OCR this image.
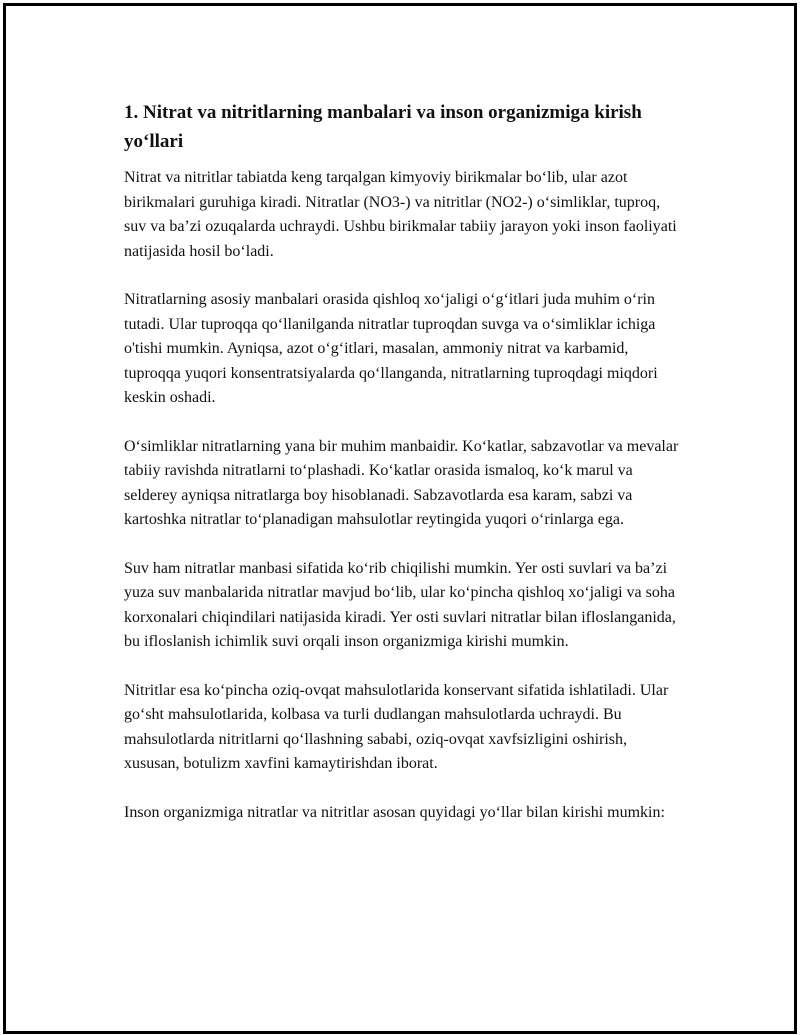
1. Nitrat va nitritlarning manbalari va inson organizmiga kirish yo‘llari

Nitrat va nitritlar tabiatda keng tarqalgan kimyoviy birikmalar bo‘lib, ular azot birikmalari guruhiga kiradi. Nitratlar (NO3-) va nitritlar (NO2-) o‘simliklar, tuproq, suv va ba’zi ozuqalarda uchraydi. Ushbu birikmalar tabiiy jarayon yoki inson faoliyati natijasida hosil bo‘ladi.

Nitratlarning asosiy manbalari orasida qishloq xo‘jaligi o‘g‘itlari juda muhim o‘rin tutadi. Ular tuproqqa qo‘llanilganda nitratlar tuproqdan suvga va o‘simliklar ichiga o'tishi mumkin. Ayniqsa, azot o‘g‘itlari, masalan, ammoniy nitrat va karbamid, tuproqqa yuqori konsentratsiyalarda qo‘llanganda, nitratlarning tuproqdagi miqdori keskin oshadi.

O‘simliklar nitratlarning yana bir muhim manbaidir. Ko‘katlar, sabzavotlar va mevalar tabiiy ravishda nitratlarni to‘plashadi. Ko‘katlar orasida ismaloq, ko‘k marul va selderey ayniqsa nitratlarga boy hisoblanadi. Sabzavotlarda esa karam, sabzi va kartoshka nitratlar to‘planadigan mahsulotlar reytingida yuqori o‘rinlarga ega.

Suv ham nitratlar manbasi sifatida ko‘rib chiqilishi mumkin. Yer osti suvlari va ba’zi yuza suv manbalarida nitratlar mavjud bo‘lib, ular ko‘pincha qishloq xo‘jaligi va soha korxonalari chiqindilari natijasida kiradi. Yer osti suvlari nitratlar bilan ifloslanganida, bu ifloslanish ichimlik suvi orqali inson organizmiga kirishi mumkin.

Nitritlar esa ko‘pincha oziq-ovqat mahsulotlarida konservant sifatida ishlatiladi. Ular go‘sht mahsulotlarida, kolbasa va turli dudlangan mahsulotlarda uchraydi. Bu mahsulotlarda nitritlarni qo‘llashning sababi, oziq-ovqat xavfsizligini oshirish, xususan, botulizm xavfini kamaytirishdan iborat.

Inson organizmiga nitratlar va nitritlar asosan quyidagi yo‘llar bilan kirishi mumkin:
